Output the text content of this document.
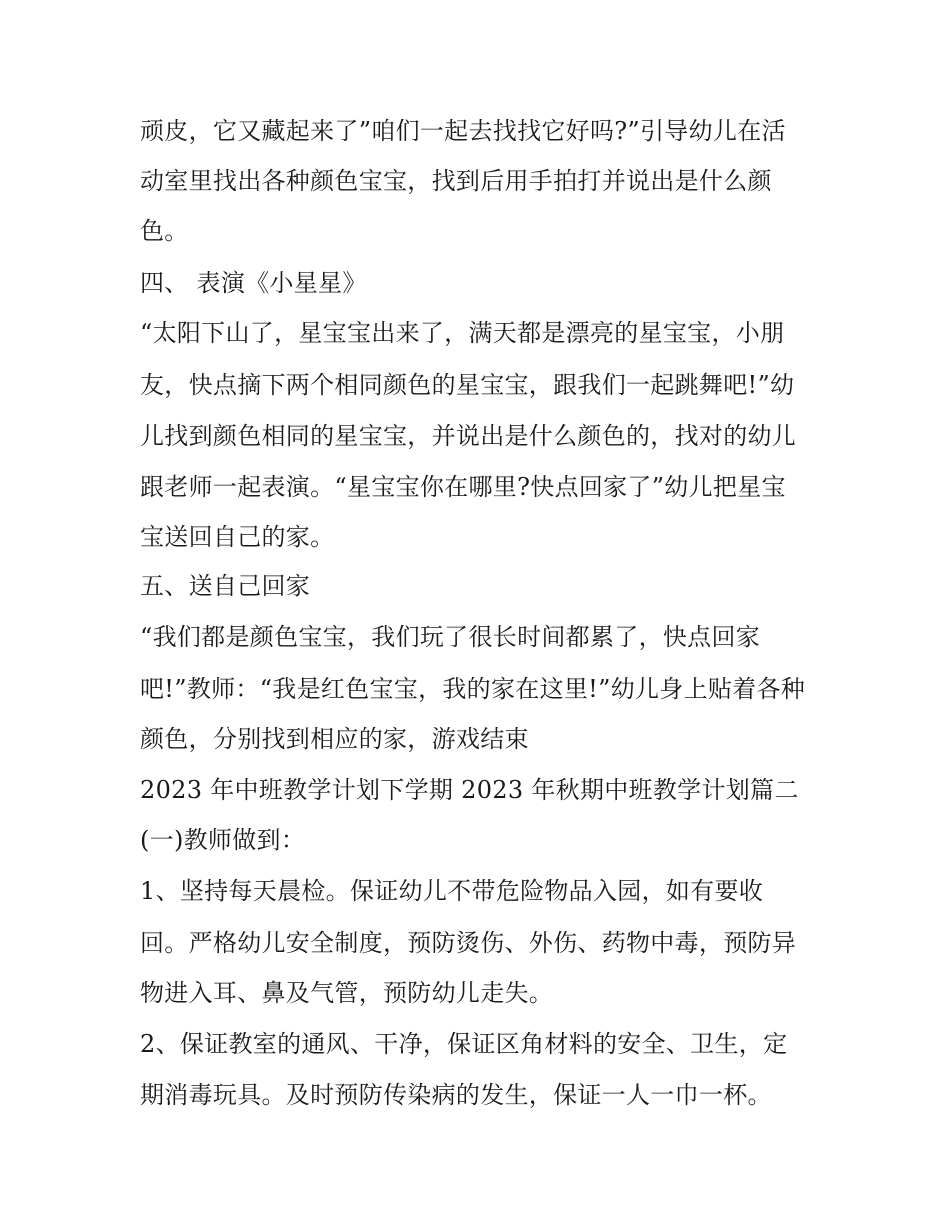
顽皮，它又藏起来了”咱们一起去找找它好吗?”引导幼儿在活
动室里找出各种颜色宝宝，找到后用手拍打并说出是什么颜
色。
四、 表演《小星星》
“太阳下山了，星宝宝出来了，满天都是漂亮的星宝宝，小朋
友，快点摘下两个相同颜色的星宝宝，跟我们一起跳舞吧!”幼
儿找到颜色相同的星宝宝，并说出是什么颜色的，找对的幼儿
跟老师一起表演。“星宝宝你在哪里?快点回家了”幼儿把星宝
宝送回自己的家。
五、送自己回家
“我们都是颜色宝宝，我们玩了很长时间都累了，快点回家
吧!”教师：“我是红色宝宝，我的家在这里!”幼儿身上贴着各种
颜色，分别找到相应的家，游戏结束
2023 年中班教学计划下学期 2023 年秋期中班教学计划篇二
(一)教师做到：
1、坚持每天晨检。保证幼儿不带危险物品入园，如有要收
回。严格幼儿安全制度，预防烫伤、外伤、药物中毒，预防异
物进入耳、鼻及气管，预防幼儿走失。
2、保证教室的通风、干净，保证区角材料的安全、卫生，定
期消毒玩具。及时预防传染病的发生，保证一人一巾一杯。
